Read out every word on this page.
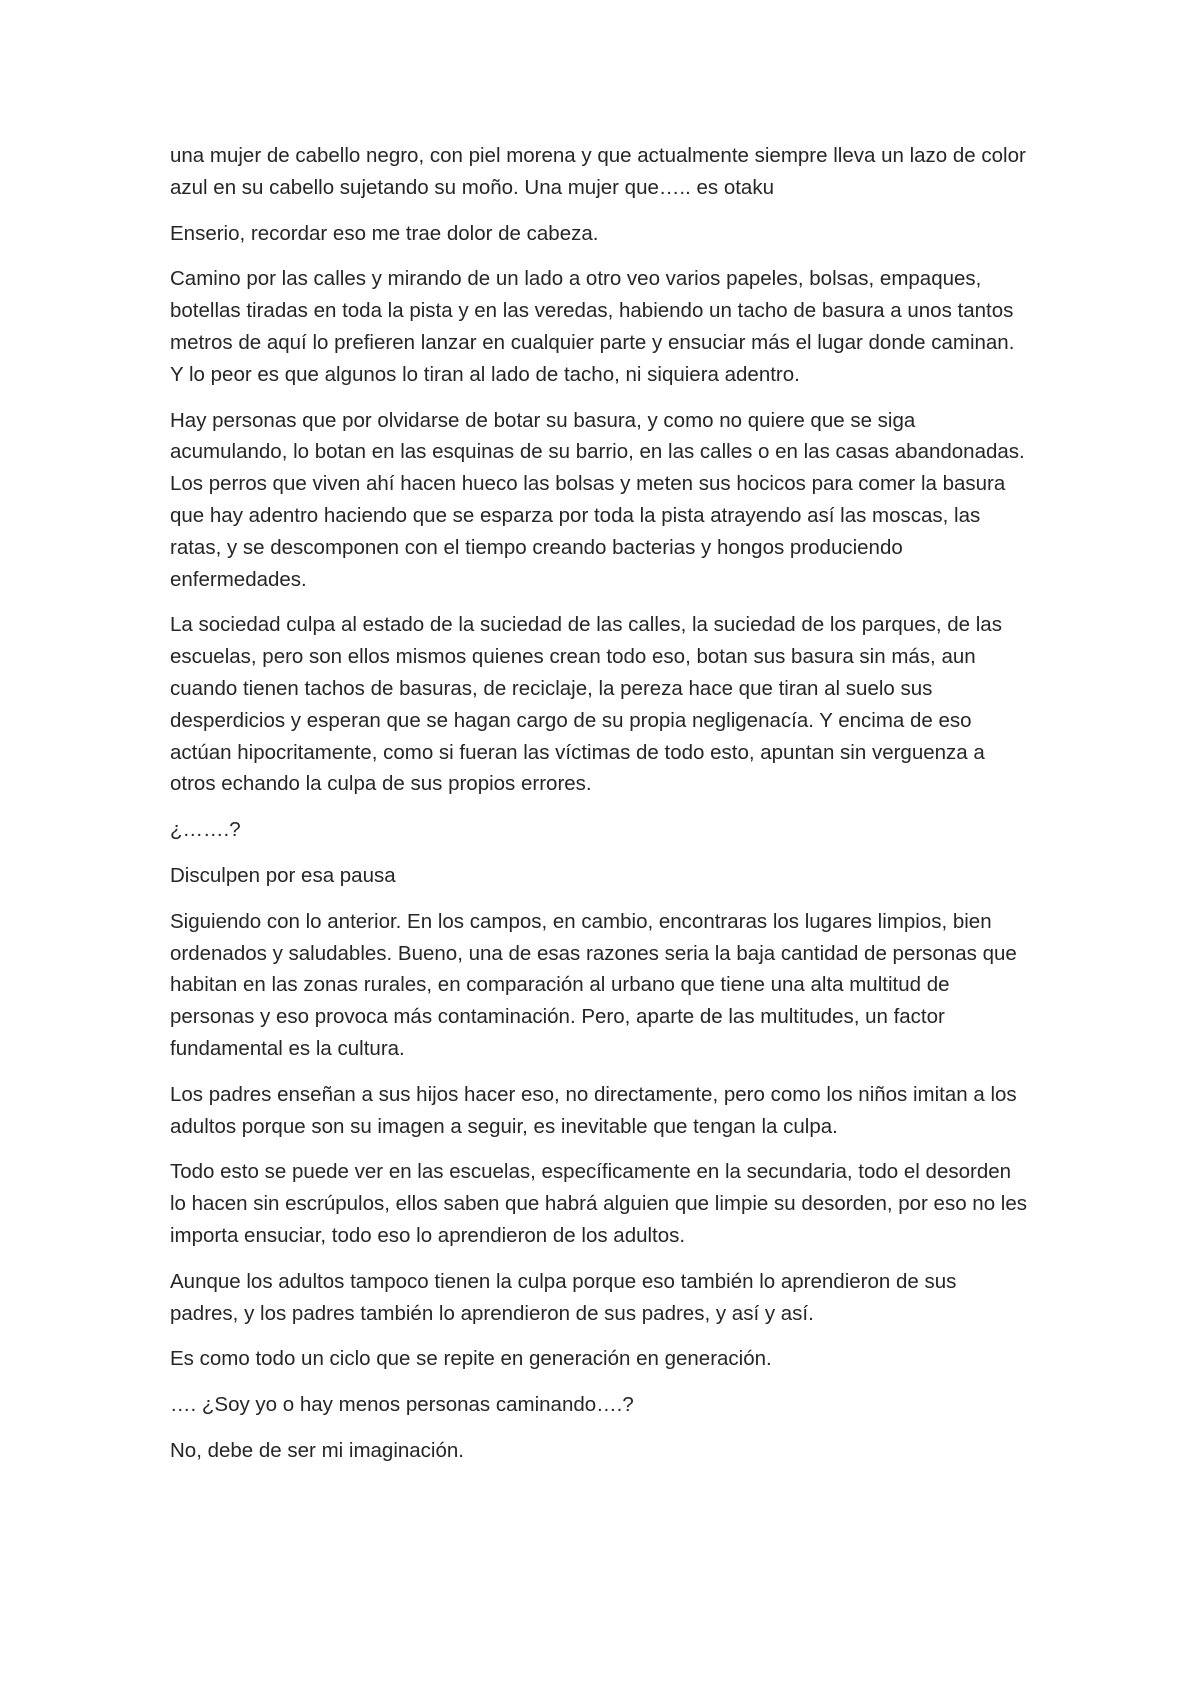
una mujer de cabello negro, con piel morena y que actualmente siempre lleva un lazo de color azul en su cabello sujetando su moño. Una mujer que….. es otaku

Enserio, recordar eso me trae dolor de cabeza.

Camino por las calles y mirando de un lado a otro veo varios papeles, bolsas, empaques, botellas tiradas en toda la pista y en las veredas, habiendo un tacho de basura a unos tantos metros de aquí lo prefieren lanzar en cualquier parte y ensuciar más el lugar donde caminan. Y lo peor es que algunos lo tiran al lado de tacho, ni siquiera adentro.

Hay personas que por olvidarse de botar su basura, y como no quiere que se siga acumulando, lo botan en las esquinas de su barrio, en las calles o en las casas abandonadas. Los perros que viven ahí hacen hueco las bolsas y meten sus hocicos para comer la basura que hay adentro haciendo que se esparza por toda la pista atrayendo así las moscas, las ratas, y se descomponen con el tiempo creando bacterias y hongos produciendo enfermedades.

La sociedad culpa al estado de la suciedad de las calles, la suciedad de los parques, de las escuelas, pero son ellos mismos quienes crean todo eso, botan sus basura sin más, aun cuando tienen tachos de basuras, de reciclaje, la pereza hace que tiran al suelo sus desperdicios y esperan que se hagan cargo de su propia negligenacía. Y encima de eso actúan hipocritamente, como si fueran las víctimas de todo esto, apuntan sin verguenza a otros echando la culpa de sus propios errores.

¿…….?

Disculpen por esa pausa

Siguiendo con lo anterior. En los campos, en cambio, encontraras los lugares limpios, bien ordenados y saludables. Bueno, una de esas razones seria la baja cantidad de personas que habitan en las zonas rurales, en comparación al urbano que tiene una alta multitud de personas y eso provoca más contaminación. Pero, aparte de las multitudes, un factor fundamental es la cultura.

Los padres enseñan a sus hijos hacer eso, no directamente, pero como los niños imitan a los adultos porque son su imagen a seguir, es inevitable que tengan la culpa.

Todo esto se puede ver en las escuelas, específicamente en la secundaria, todo el desorden lo hacen sin escrúpulos, ellos saben que habrá alguien que limpie su desorden, por eso no les importa ensuciar, todo eso lo aprendieron de los adultos.

Aunque los adultos tampoco tienen la culpa porque eso también lo aprendieron de sus padres, y los padres también lo aprendieron de sus padres, y así y así.

Es como todo un ciclo que se repite en generación en generación.

…. ¿Soy yo o hay menos personas caminando….?

No, debe de ser mi imaginación.
